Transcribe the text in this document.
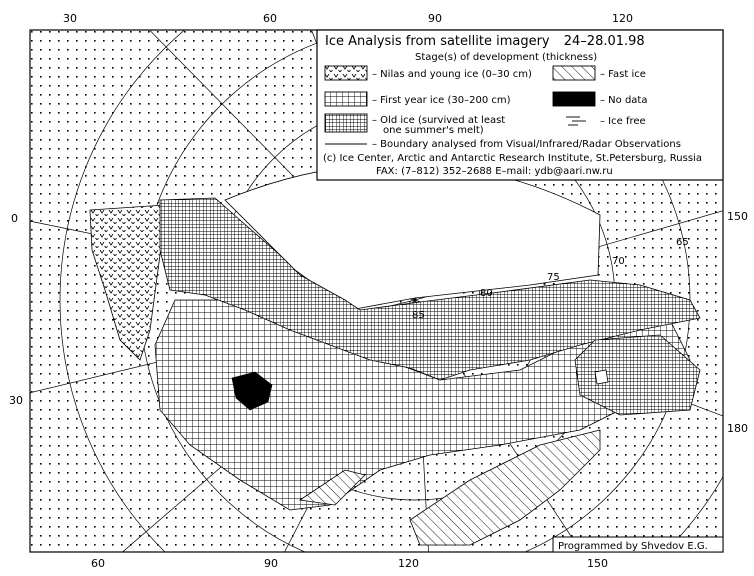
85
80
75
70
65
30	60	90	120
60	90	120	150
0
30
150
180
Ice Analysis from satellite imagery 24–28.01.98
Stage(s) of development (thickness)
– Nilas and young ice (0–30 cm)	– Fast ice
– First year ice (30–200 cm)	– No data
– Old ice (survived at least
one summer's melt)
– Ice free
– Boundary analysed from Visual/Infrared/Radar Observations
(c) Ice Center, Arctic and Antarctic Research Institute, St.Petersburg, Russia
FAX: (7–812) 352–2688 E–mail: ydb@aari.nw.ru
Programmed by Shvedov E.G.
